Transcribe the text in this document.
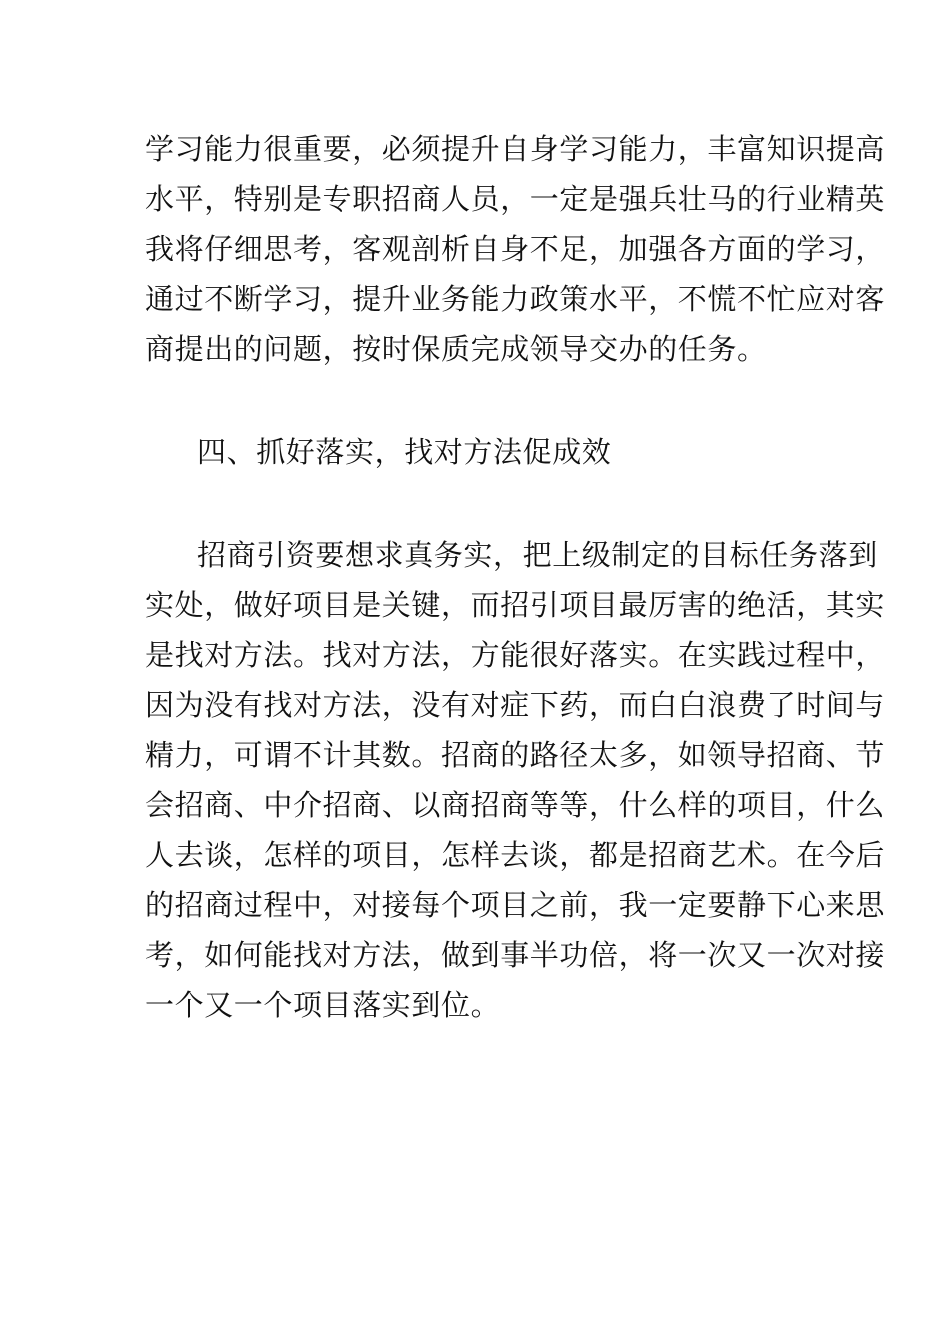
学习能力很重要，必须提升自身学习能力，丰富知识提高
水平，特别是专职招商人员，一定是强兵壮马的行业精英
我将仔细思考，客观剖析自身不足，加强各方面的学习，
通过不断学习，提升业务能力政策水平，不慌不忙应对客
商提出的问题，按时保质完成领导交办的任务。
四、抓好落实，找对方法促成效
招商引资要想求真务实，把上级制定的目标任务落到
实处，做好项目是关键，而招引项目最厉害的绝活，其实
是找对方法。找对方法，方能很好落实。在实践过程中，
因为没有找对方法，没有对症下药，而白白浪费了时间与
精力，可谓不计其数。招商的路径太多，如领导招商、节
会招商、中介招商、以商招商等等，什么样的项目，什么
人去谈，怎样的项目，怎样去谈，都是招商艺术。在今后
的招商过程中，对接每个项目之前，我一定要静下心来思
考，如何能找对方法，做到事半功倍，将一次又一次对接
一个又一个项目落实到位。
